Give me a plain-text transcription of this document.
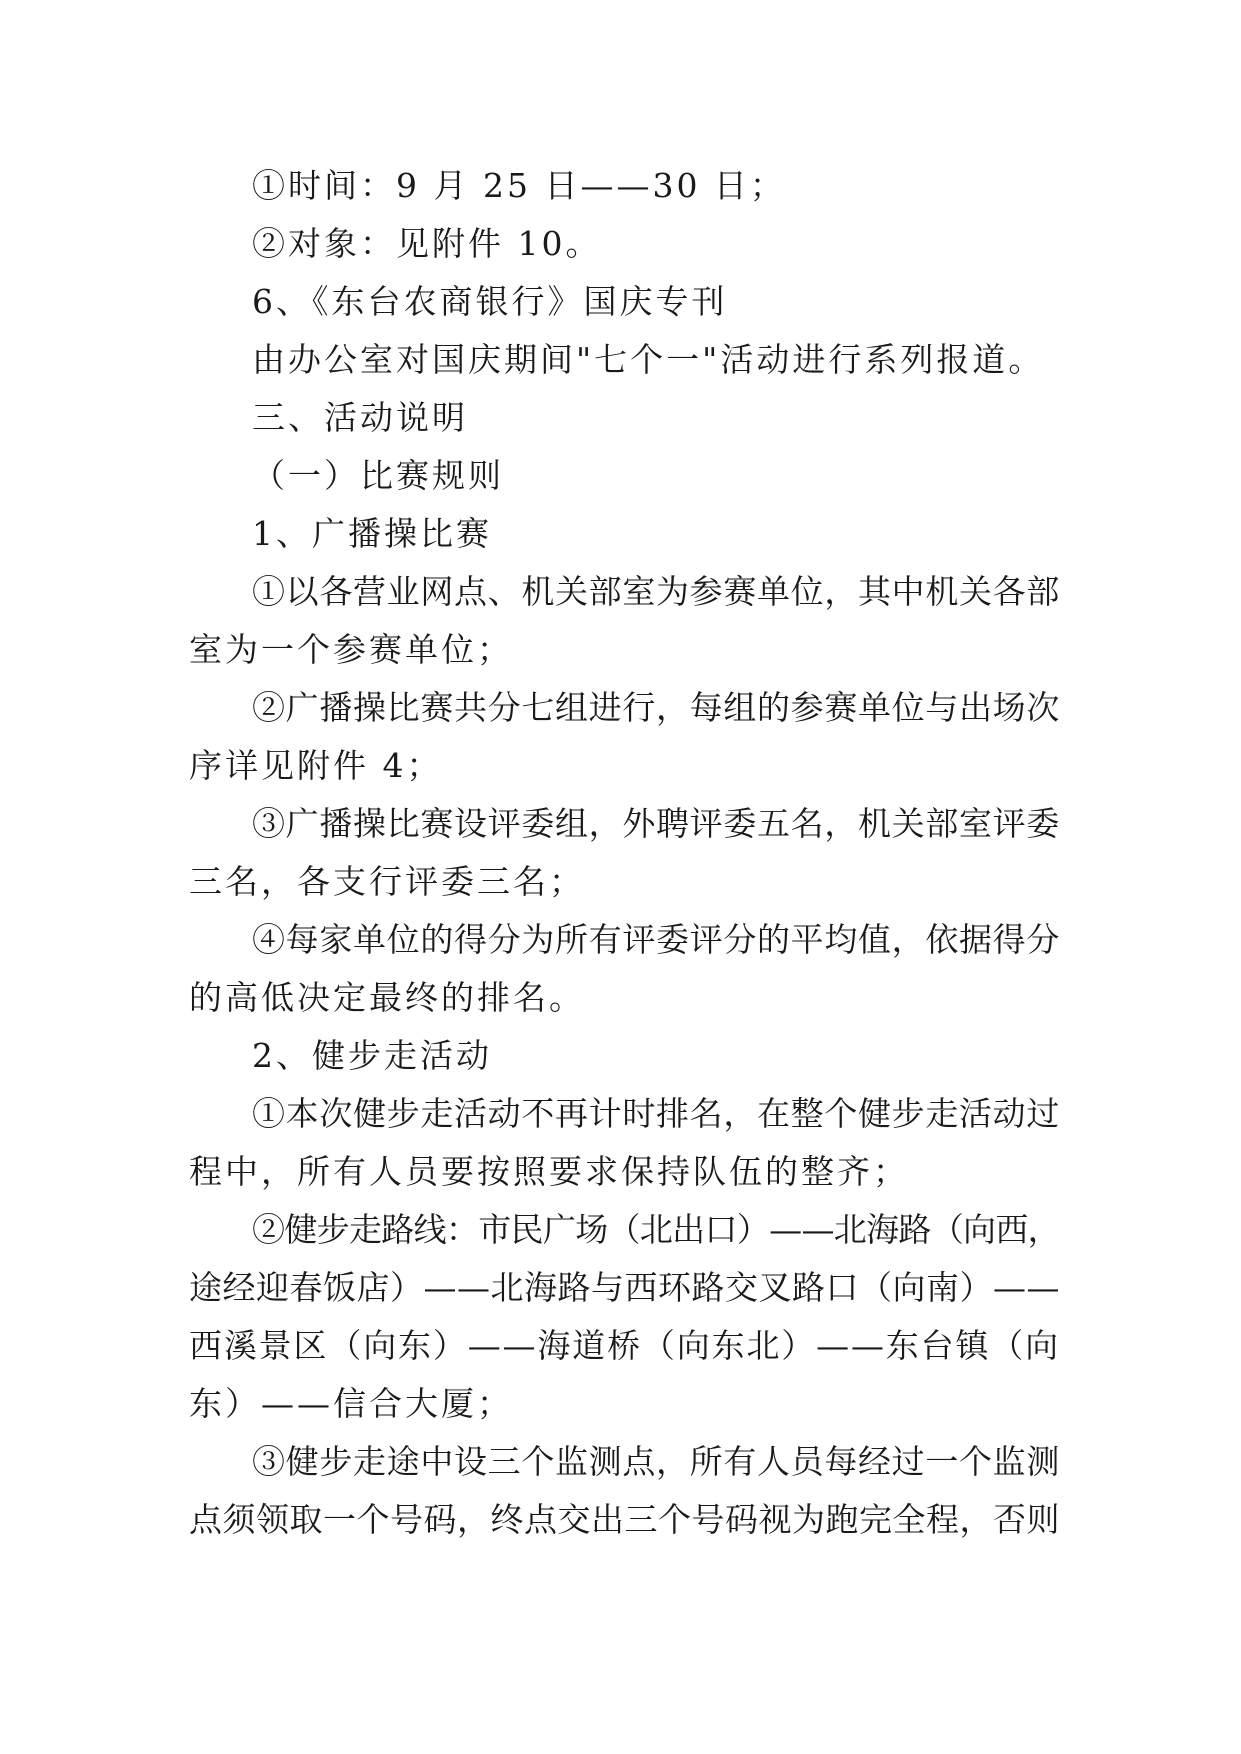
①时间：9 月 25 日——30 日；
②对象：见附件 10。
6、《东台农商银行》国庆专刊
由办公室对国庆期间"七个一"活动进行系列报道。
三、活动说明
（一）比赛规则
1、广播操比赛
①以各营业网点、机关部室为参赛单位，其中机关各部
室为一个参赛单位；
②广播操比赛共分七组进行，每组的参赛单位与出场次
序详见附件 4；
③广播操比赛设评委组，外聘评委五名，机关部室评委
三名，各支行评委三名；
④每家单位的得分为所有评委评分的平均值，依据得分
的高低决定最终的排名。
2、健步走活动
①本次健步走活动不再计时排名，在整个健步走活动过
程中，所有人员要按照要求保持队伍的整齐；
②健步走路线：市民广场（北出口）——北海路（向西，
途经迎春饭店）——北海路与西环路交叉路口（向南）——
西溪景区（向东）——海道桥（向东北）——东台镇（向
东）——信合大厦；
③健步走途中设三个监测点，所有人员每经过一个监测
点须领取一个号码，终点交出三个号码视为跑完全程，否则
